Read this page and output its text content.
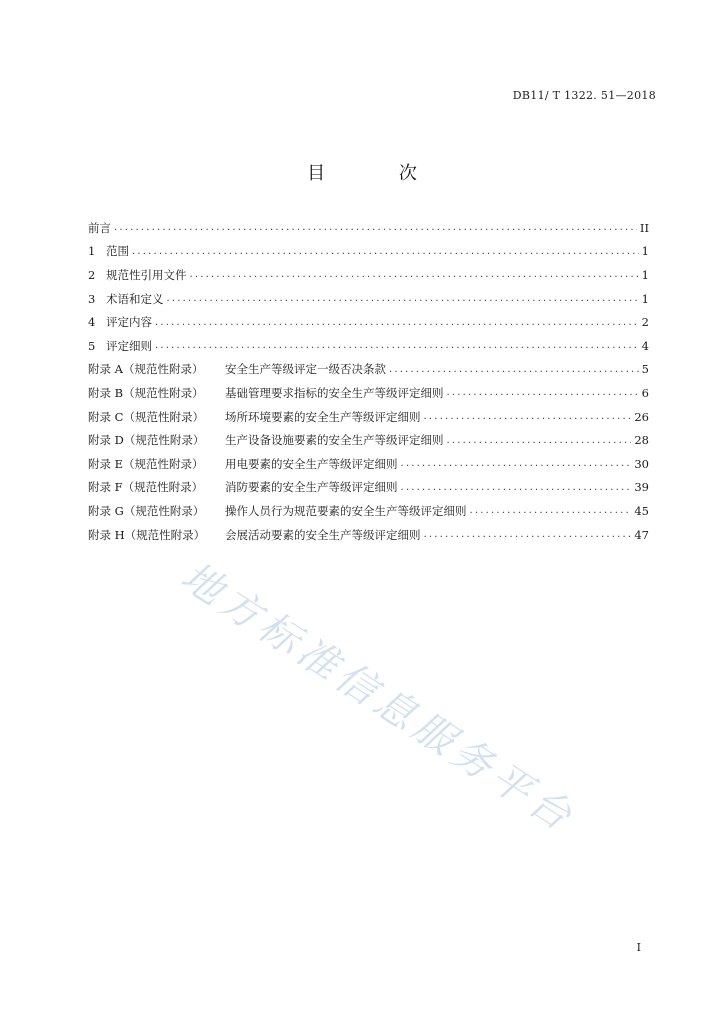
DB11/ T 1322. 51—2018
目 次
前言 .....	II
1 范围 .....	1
2 规范性引用文件 .....	1
3 术语和定义 .....	1
4 评定内容 .....	2
5 评定细则 .....	4
附录 A（规范性附录）	安全生产等级评定一级否决条款 .....	5
附录 B（规范性附录）	基础管理要求指标的安全生产等级评定细则 .....	6
附录 C（规范性附录）	场所环境要素的安全生产等级评定细则 .....	26
附录 D（规范性附录）	生产设备设施要素的安全生产等级评定细则 .....	28
附录 E（规范性附录）	用电要素的安全生产等级评定细则 .....	30
附录 F（规范性附录）	消防要素的安全生产等级评定细则 .....	39
附录 G（规范性附录）	操作人员行为规范要素的安全生产等级评定细则 .....	45
附录 H（规范性附录）	会展活动要素的安全生产等级评定细则 .....	47
地方标准信息服务平台
I
